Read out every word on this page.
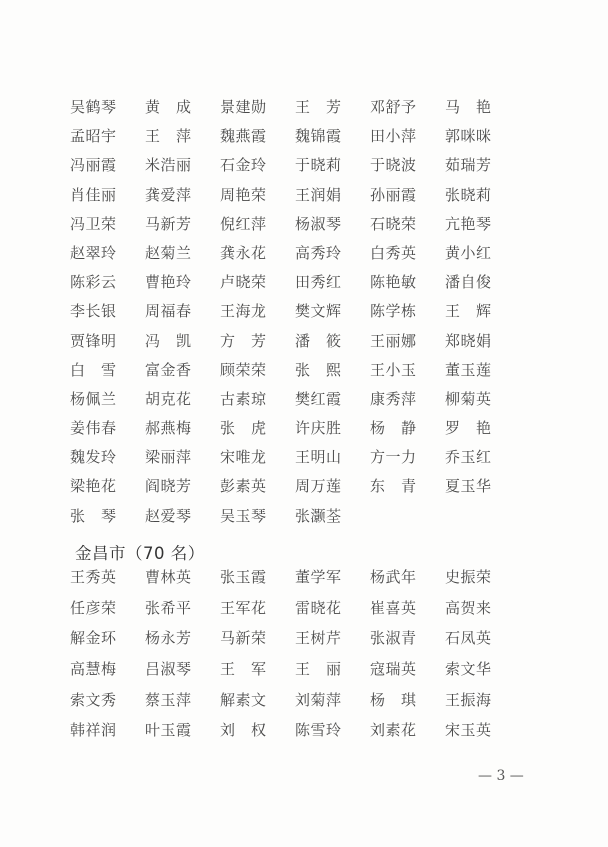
吴鹤琴	黄　成	景建勋	王　芳	邓舒予	马　艳
孟昭宇	王　萍	魏燕霞	魏锦霞	田小萍	郭咪咪
冯丽霞	米浩丽	石金玲	于晓莉	于晓波	茹瑞芳
肖佳丽	龚爱萍	周艳荣	王润娟	孙丽霞	张晓莉
冯卫荣	马新芳	倪红萍	杨淑琴	石晓荣	亢艳琴
赵翠玲	赵菊兰	龚永花	高秀玲	白秀英	黄小红
陈彩云	曹艳玲	卢晓荣	田秀红	陈艳敏	潘自俊
李长银	周福春	王海龙	樊文辉	陈学栋	王　辉
贾锋明	冯　凯	方　芳	潘　筱	王丽娜	郑晓娟
白　雪	富金香	顾荣荣	张　熙	王小玉	董玉莲
杨佩兰	胡克花	古素琼	樊红霞	康秀萍	柳菊英
姜伟春	郝燕梅	张　虎	许庆胜	杨　静	罗　艳
魏发玲	梁丽萍	宋唯龙	王明山	方一力	乔玉红
梁艳花	阎晓芳	彭素英	周万莲	东　青	夏玉华
张　琴	赵爱琴	吴玉琴	张灏荃
金昌市（70 名）
王秀英	曹林英	张玉霞	董学军	杨武年	史振荣
任彦荣	张希平	王军花	雷晓花	崔喜英	高贺来
解金环	杨永芳	马新荣	王树芹	张淑青	石凤英
高慧梅	吕淑琴	王　军	王　丽	寇瑞英	索文华
索文秀	蔡玉萍	解素文	刘菊萍	杨　琪	王振海
韩祥润	叶玉霞	刘　权	陈雪玲	刘素花	宋玉英
— 3 —
